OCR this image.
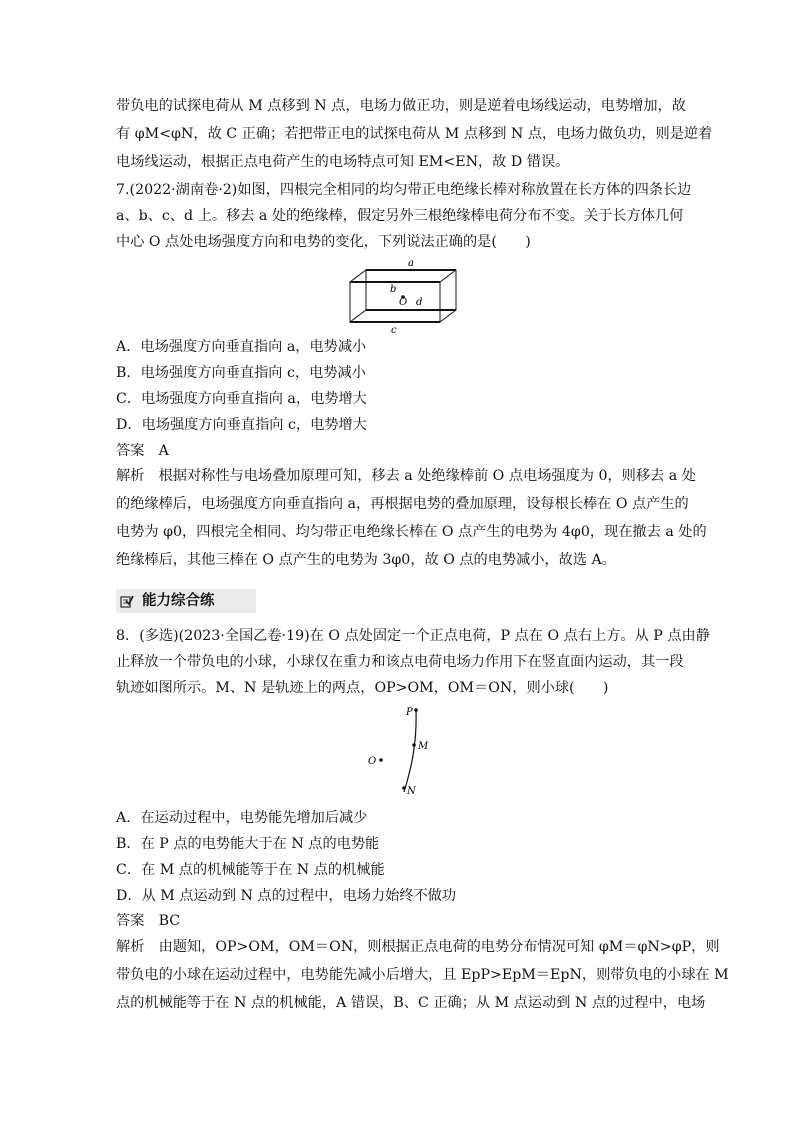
带负电的试探电荷从 M 点移到 N 点，电场力做正功，则是逆着电场线运动，电势增加，故
有 φM<φN，故 C 正确；若把带正电的试探电荷从 M 点移到 N 点，电场力做负功，则是逆着
电场线运动，根据正点电荷产生的电场特点可知 EM<EN，故 D 错误。
7.(2022·湖南卷·2)如图，四根完全相同的均匀带正电绝缘长棒对称放置在长方体的四条长边
a、b、c、d 上。移去 a 处的绝缘棒，假定另外三根绝缘棒电荷分布不变。关于长方体几何
中心 O 点处电场强度方向和电势的变化，下列说法正确的是(　　)
a
b
c
d
O
A．电场强度方向垂直指向 a，电势减小
B．电场强度方向垂直指向 c，电势减小
C．电场强度方向垂直指向 a，电势增大
D．电场强度方向垂直指向 c，电势增大
答案　A
解析　根据对称性与电场叠加原理可知，移去 a 处绝缘棒前 O 点电场强度为 0，则移去 a 处
的绝缘棒后，电场强度方向垂直指向 a，再根据电势的叠加原理，设每根长棒在 O 点产生的
电势为 φ0，四根完全相同、均匀带正电绝缘长棒在 O 点产生的电势为 4φ0，现在撤去 a 处的
绝缘棒后，其他三棒在 O 点产生的电势为 3φ0，故 O 点的电势减小，故选 A。
能力综合练
8．(多选)(2023·全国乙卷·19)在 O 点处固定一个正点电荷，P 点在 O 点右上方。从 P 点由静
止释放一个带负电的小球，小球仅在重力和该点电荷电场力作用下在竖直面内运动，其一段
轨迹如图所示。M、N 是轨迹上的两点，OP>OM，OM＝ON，则小球(　　)
P
M
N
O
A．在运动过程中，电势能先增加后减少
B．在 P 点的电势能大于在 N 点的电势能
C．在 M 点的机械能等于在 N 点的机械能
D．从 M 点运动到 N 点的过程中，电场力始终不做功
答案　BC
解析　由题知，OP>OM，OM＝ON，则根据正点电荷的电势分布情况可知 φM＝φN>φP，则
带负电的小球在运动过程中，电势能先减小后增大，且 EpP>EpM＝EpN，则带负电的小球在 M
点的机械能等于在 N 点的机械能，A 错误，B、C 正确；从 M 点运动到 N 点的过程中，电场
